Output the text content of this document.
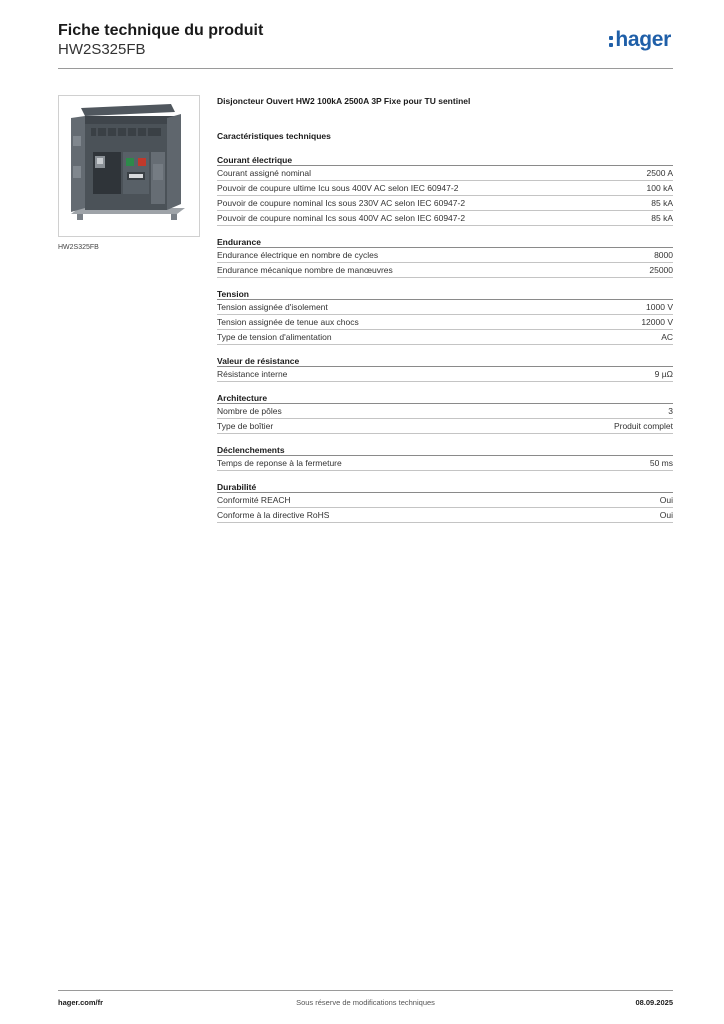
Fiche technique du produit
HW2S325FB	hager
HW2S325FB
Disjoncteur Ouvert HW2 100kA 2500A 3P Fixe pour TU sentinel
Caractéristiques techniques
Courant électrique
Courant assigné nominal	2500 A
Pouvoir de coupure ultime Icu sous 400V AC selon IEC 60947-2	100 kA
Pouvoir de coupure nominal Ics sous 230V AC selon IEC 60947-2	85 kA
Pouvoir de coupure nominal Ics sous 400V AC selon IEC 60947-2	85 kA
Endurance
Endurance électrique en nombre de cycles	8000
Endurance mécanique nombre de manœuvres	25000
Tension
Tension assignée d'isolement	1000 V
Tension assignée de tenue aux chocs	12000 V
Type de tension d'alimentation	AC
Valeur de résistance
Résistance interne	9 µΩ
Architecture
Nombre de pôles	3
Type de boîtier	Produit complet
Déclenchements
Temps de reponse à la fermeture	50 ms
Durabilité
Conformité REACH	Oui
Conforme à la directive RoHS	Oui
hager.com/fr	Sous réserve de modifications techniques	08.09.2025
